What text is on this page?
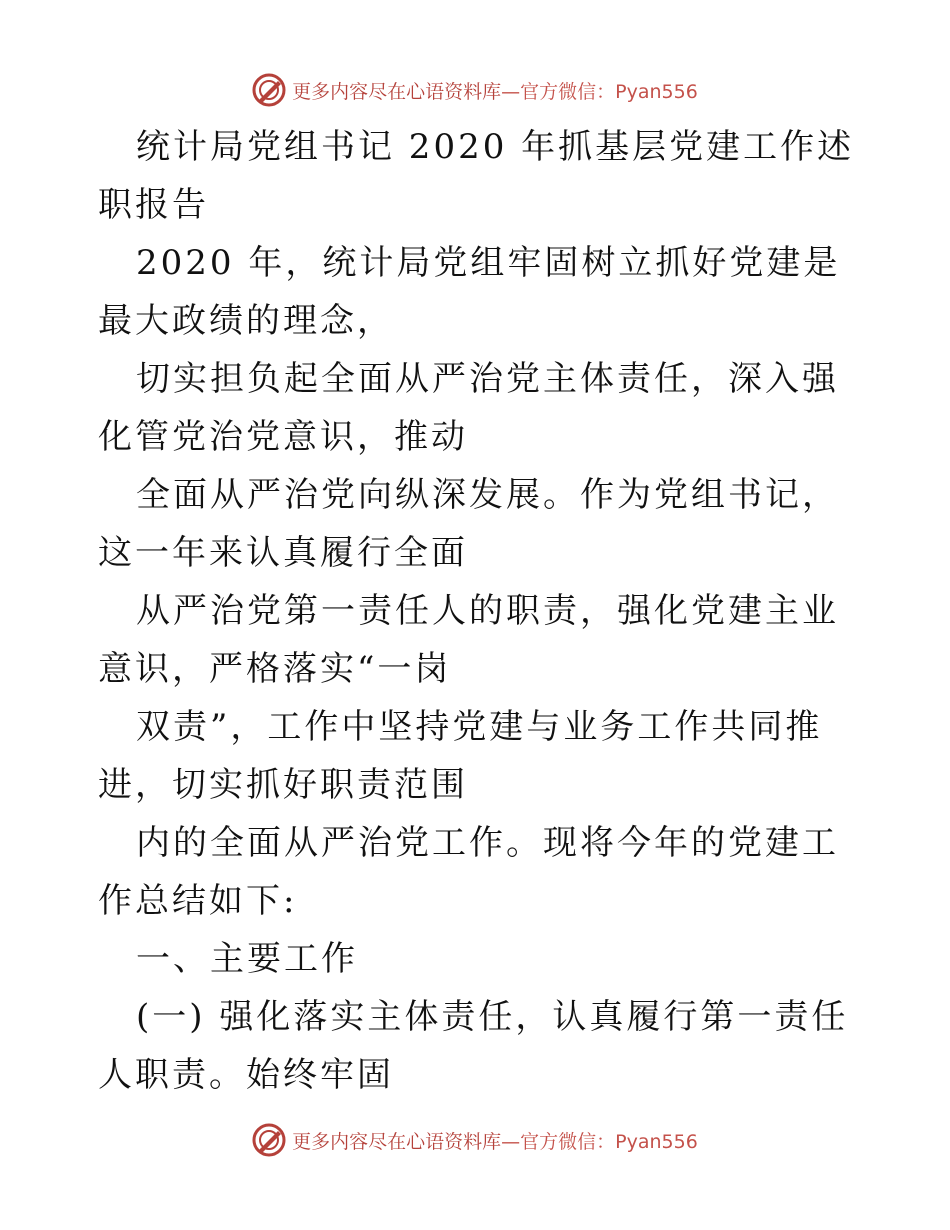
更多内容尽在心语资料库 —官方微信：Pyan556

统计局党组书记 2020 年抓基层党建工作述职报告

2020 年，统计局党组牢固树立抓好党建是最大政绩的理念，

切实担负起全面从严治党主体责任，深入强化管党治党意识，推动

全面从严治党向纵深发展。作为党组书记，这一年来认真履行全面

从严治党第一责任人的职责，强化党建主业意识，严格落实“一岗

双责”，工作中坚持党建与业务工作共同推进，切实抓好职责范围

内的全面从严治党工作。现将今年的党建工作总结如下:

一、主要工作

(一) 强化落实主体责任，认真履行第一责任人职责。始终牢固

更多内容尽在心语资料库 —官方微信：Pyan556
